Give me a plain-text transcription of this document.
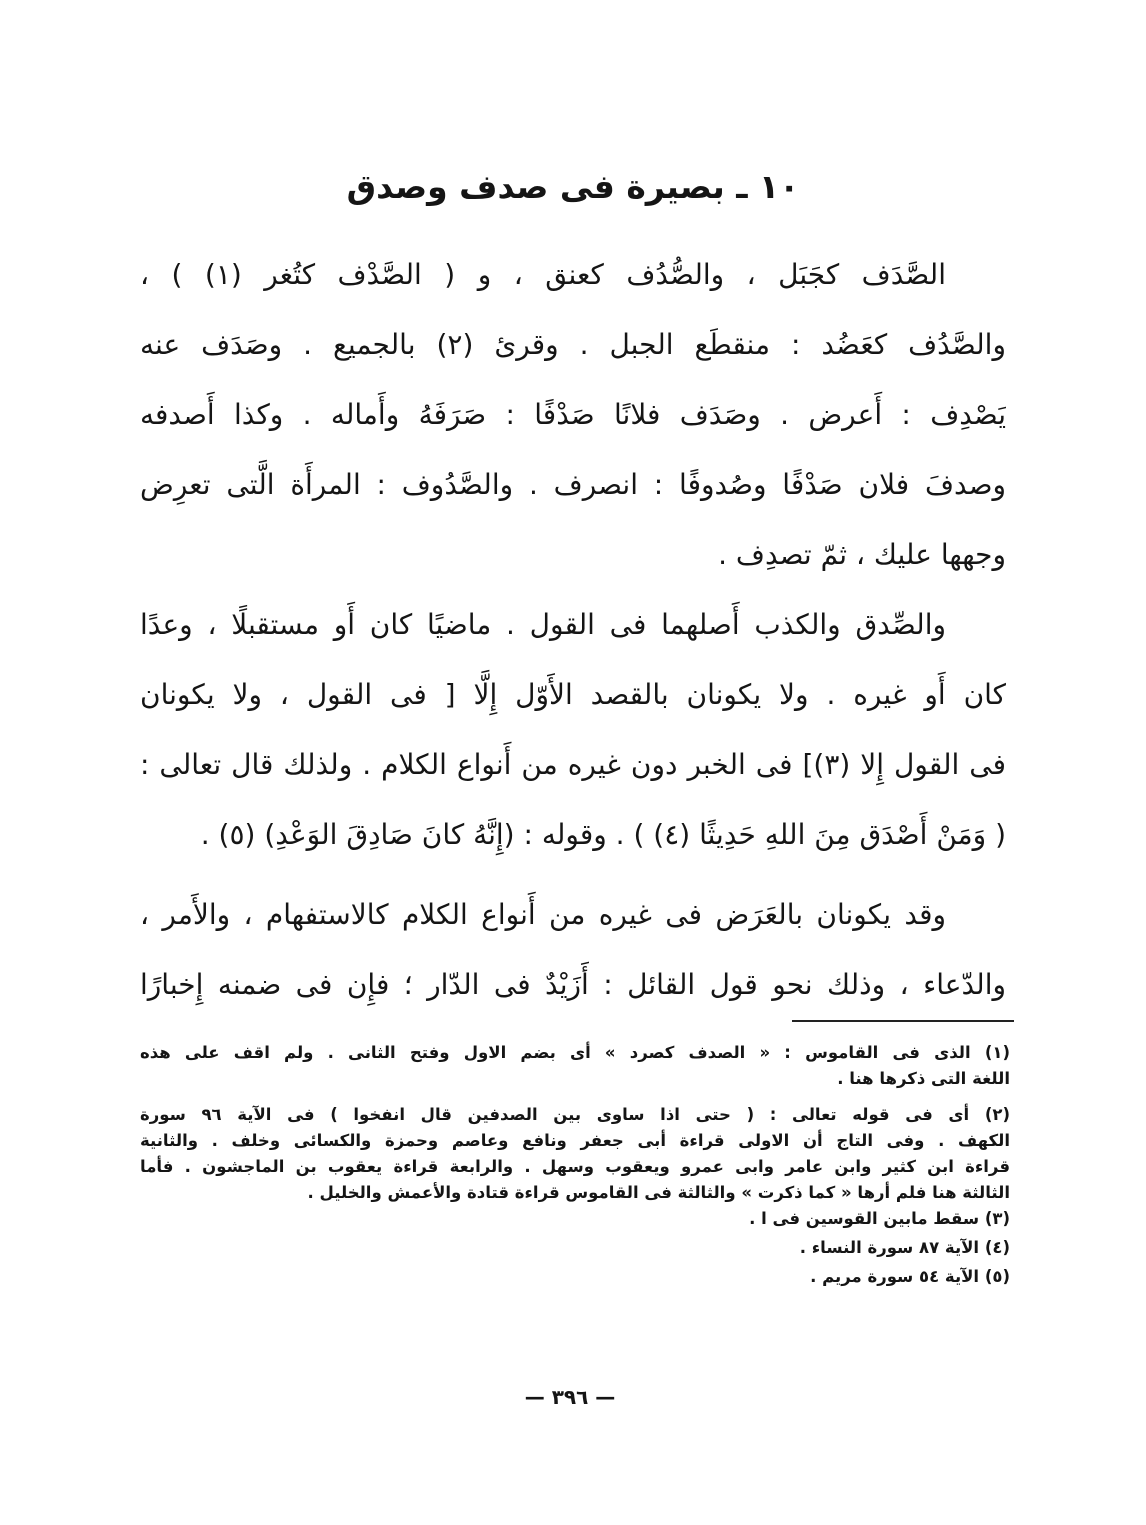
١٠ ـ بصيرة فى صدف وصدق
الصَّدَف كجَبَل ، والصُّدُف كعنق ، و ( الصَّدْف كتُغر (١) ) ،
والصَّدُف كعَضُد : منقطَع الجبل . وقرئ (٢) بالجميع . وصَدَف عنه
يَصْدِف : أَعرض . وصَدَف فلانًا صَدْفًا : صَرَفَهُ وأَماله . وكذا أَصدفه
وصدفَ فلان صَدْفًا وصُدوفًا : انصرف . والصَّدُوف : المرأَة الَّتى تعرِض
وجهها عليك ، ثمّ تصدِف .
والصِّدق والكذب أَصلهما فى القول . ماضيًا كان أَو مستقبلًا ، وعدًا
كان أَو غيره . ولا يكونان بالقصد الأَوّل إِلَّا [ فى القول ، ولا يكونان
فى القول إِلا (٣)] فى الخبر دون غيره من أَنواع الكلام . ولذلك قال تعالى :
( وَمَنْ أَصْدَق مِنَ اللهِ حَدِيثًا (٤) ) . وقوله : (إِنَّهُ كانَ صَادِقَ الوَعْدِ) (٥) .
وقد يكونان بالعَرَض فى غيره من أَنواع الكلام كالاستفهام ، والأَمر ،
والدّعاء ، وذلك نحو قول القائل : أَزَيْدٌ فى الدّار ؛ فإِن فى ضمنه إِخبارًا
(١) الذى فى القاموس : « الصدف كصرد » أى بضم الاول وفتح الثانى . ولم اقف على هذه
اللغة التى ذكرها هنا .
(٢) أى فى قوله تعالى : ( حتى اذا ساوى بين الصدفين قال انفخوا ) فى الآية ٩٦ سورة
الكهف . وفى التاج أن الاولى قراءة أبى جعفر ونافع وعاصم وحمزة والكسائى وخلف . والثانية
قراءة ابن كثير وابن عامر وابى عمرو ويعقوب وسهل . والرابعة قراءة يعقوب بن الماجشون . فأما
الثالثة هنا فلم أرها « كما ذكرت » والثالثة فى القاموس قراءة قتادة والأعمش والخليل .
(٣) سقط مابين القوسين فى ا .
(٤) الآية ٨٧ سورة النساء .
(٥) الآية ٥٤ سورة مريم .
— ٣٩٦ —
